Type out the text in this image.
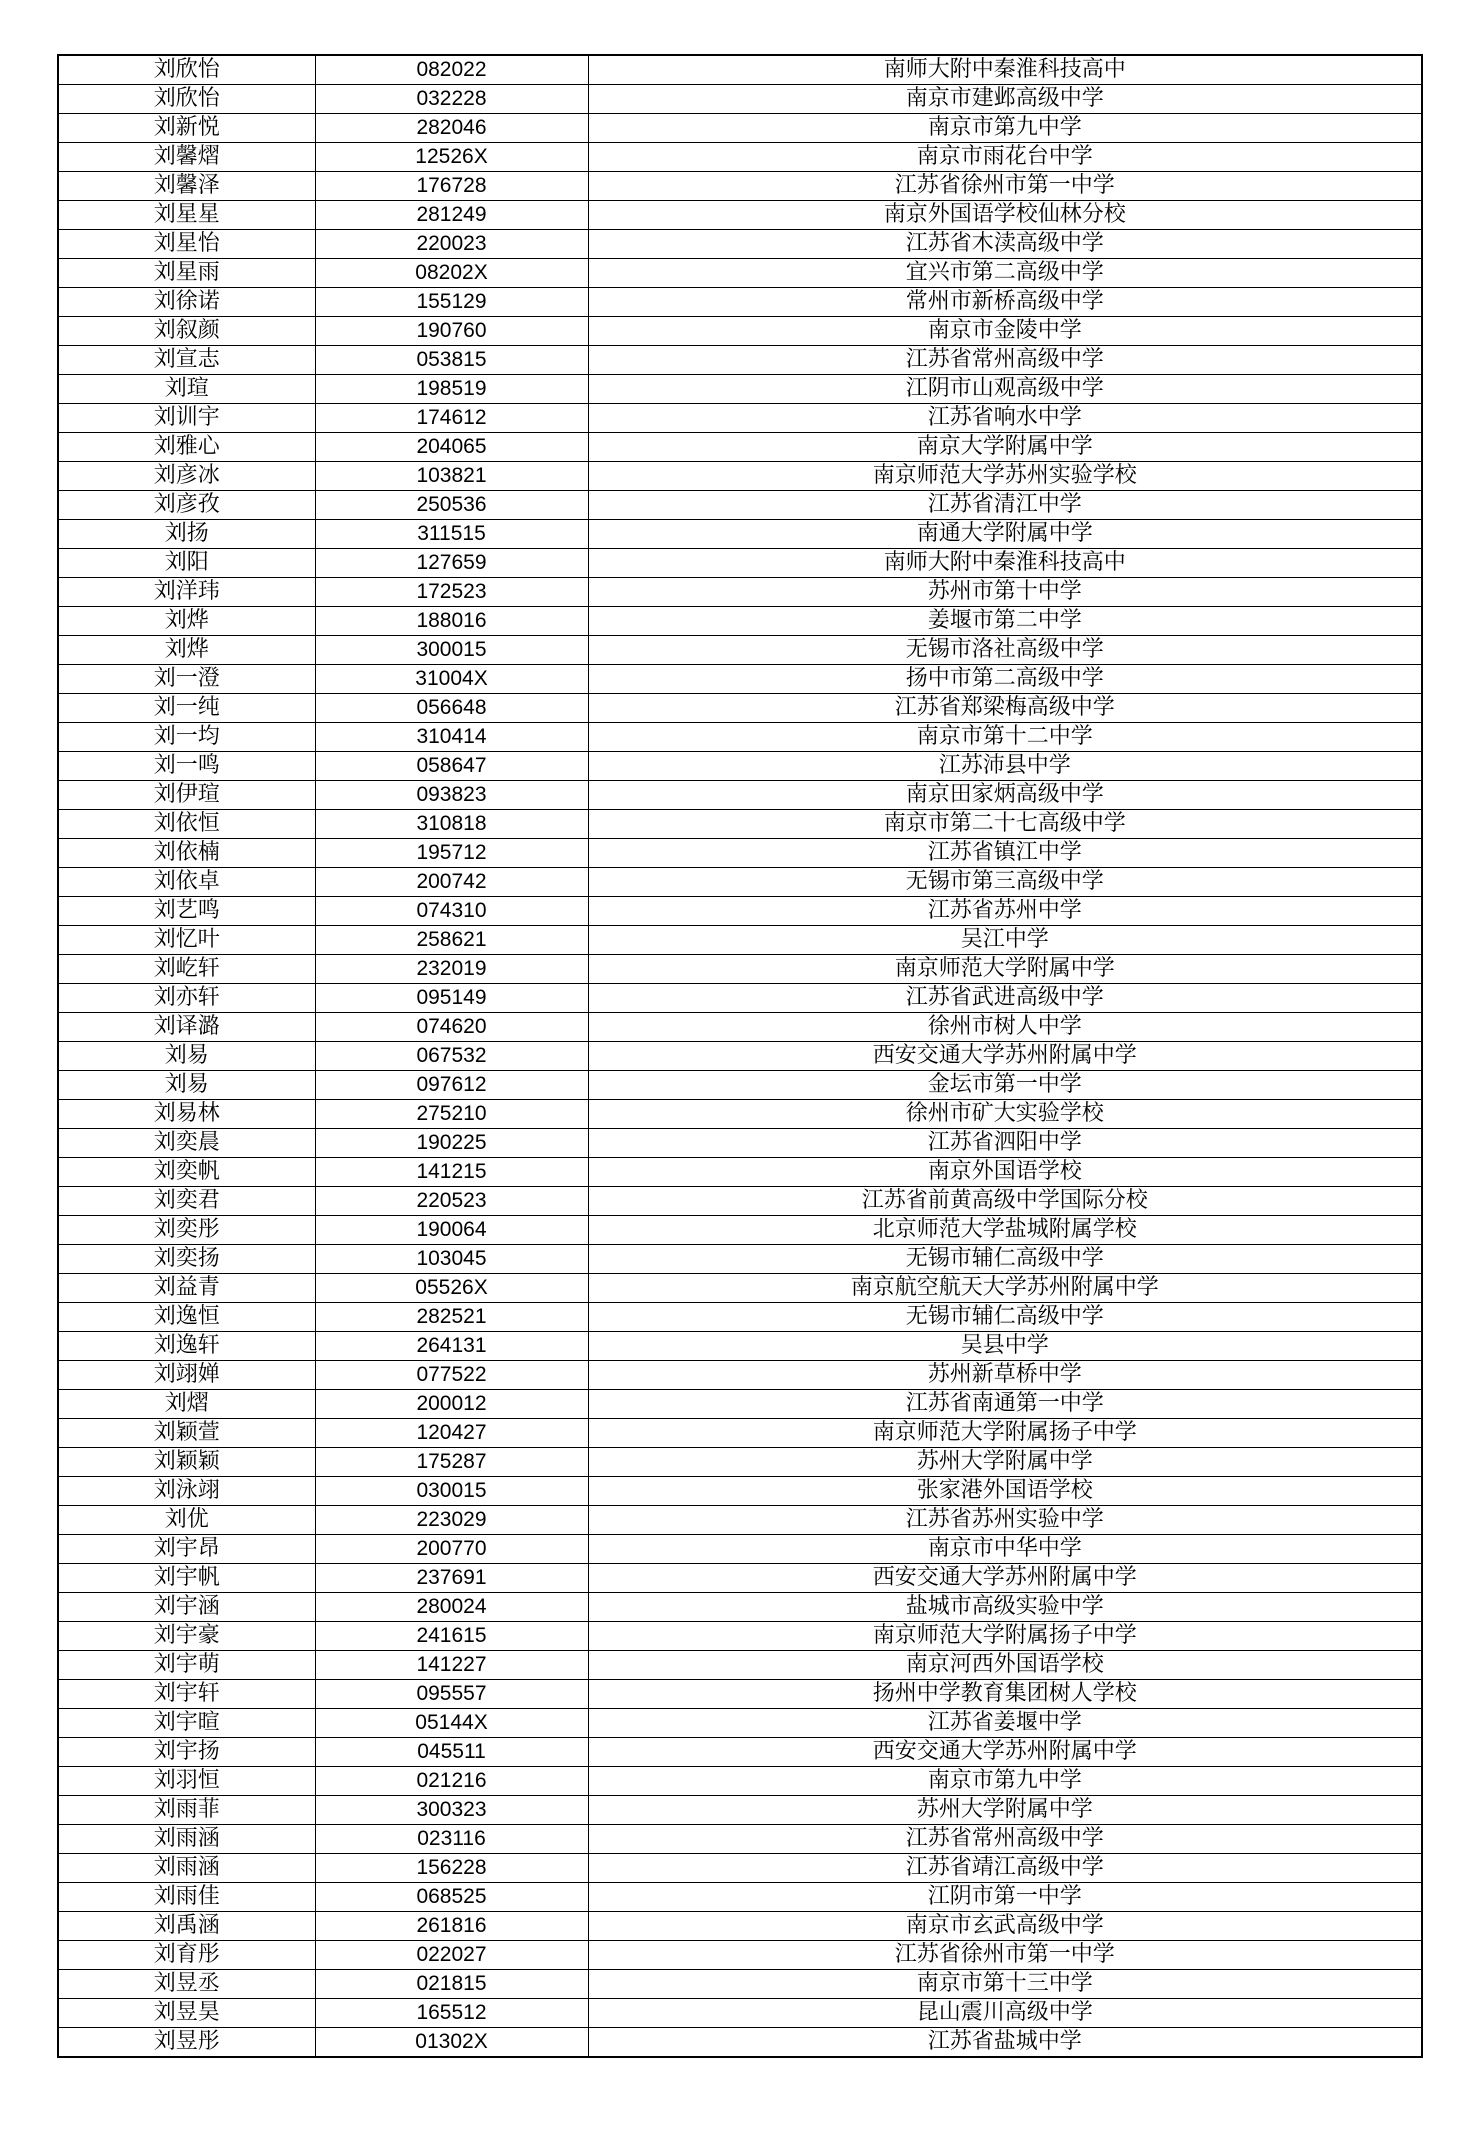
刘欣怡	082022	南师大附中秦淮科技高中
刘欣怡	032228	南京市建邺高级中学
刘新悦	282046	南京市第九中学
刘馨熠	12526X	南京市雨花台中学
刘馨泽	176728	江苏省徐州市第一中学
刘星星	281249	南京外国语学校仙林分校
刘星怡	220023	江苏省木渎高级中学
刘星雨	08202X	宜兴市第二高级中学
刘徐诺	155129	常州市新桥高级中学
刘叙颜	190760	南京市金陵中学
刘宣志	053815	江苏省常州高级中学
刘瑄	198519	江阴市山观高级中学
刘训宇	174612	江苏省响水中学
刘雅心	204065	南京大学附属中学
刘彦冰	103821	南京师范大学苏州实验学校
刘彦孜	250536	江苏省清江中学
刘扬	311515	南通大学附属中学
刘阳	127659	南师大附中秦淮科技高中
刘洋玮	172523	苏州市第十中学
刘烨	188016	姜堰市第二中学
刘烨	300015	无锡市洛社高级中学
刘一澄	31004X	扬中市第二高级中学
刘一纯	056648	江苏省郑梁梅高级中学
刘一均	310414	南京市第十二中学
刘一鸣	058647	江苏沛县中学
刘伊瑄	093823	南京田家炳高级中学
刘依恒	310818	南京市第二十七高级中学
刘依楠	195712	江苏省镇江中学
刘依卓	200742	无锡市第三高级中学
刘艺鸣	074310	江苏省苏州中学
刘忆叶	258621	吴江中学
刘屹轩	232019	南京师范大学附属中学
刘亦轩	095149	江苏省武进高级中学
刘译潞	074620	徐州市树人中学
刘易	067532	西安交通大学苏州附属中学
刘易	097612	金坛市第一中学
刘易林	275210	徐州市矿大实验学校
刘奕晨	190225	江苏省泗阳中学
刘奕帆	141215	南京外国语学校
刘奕君	220523	江苏省前黄高级中学国际分校
刘奕彤	190064	北京师范大学盐城附属学校
刘奕扬	103045	无锡市辅仁高级中学
刘益青	05526X	南京航空航天大学苏州附属中学
刘逸恒	282521	无锡市辅仁高级中学
刘逸轩	264131	吴县中学
刘翊婵	077522	苏州新草桥中学
刘熠	200012	江苏省南通第一中学
刘颖萱	120427	南京师范大学附属扬子中学
刘颖颖	175287	苏州大学附属中学
刘泳翊	030015	张家港外国语学校
刘优	223029	江苏省苏州实验中学
刘宇昂	200770	南京市中华中学
刘宇帆	237691	西安交通大学苏州附属中学
刘宇涵	280024	盐城市高级实验中学
刘宇豪	241615	南京师范大学附属扬子中学
刘宇萌	141227	南京河西外国语学校
刘宇轩	095557	扬州中学教育集团树人学校
刘宇暄	05144X	江苏省姜堰中学
刘宇扬	045511	西安交通大学苏州附属中学
刘羽恒	021216	南京市第九中学
刘雨菲	300323	苏州大学附属中学
刘雨涵	023116	江苏省常州高级中学
刘雨涵	156228	江苏省靖江高级中学
刘雨佳	068525	江阴市第一中学
刘禹涵	261816	南京市玄武高级中学
刘育彤	022027	江苏省徐州市第一中学
刘昱丞	021815	南京市第十三中学
刘昱昊	165512	昆山震川高级中学
刘昱彤	01302X	江苏省盐城中学
